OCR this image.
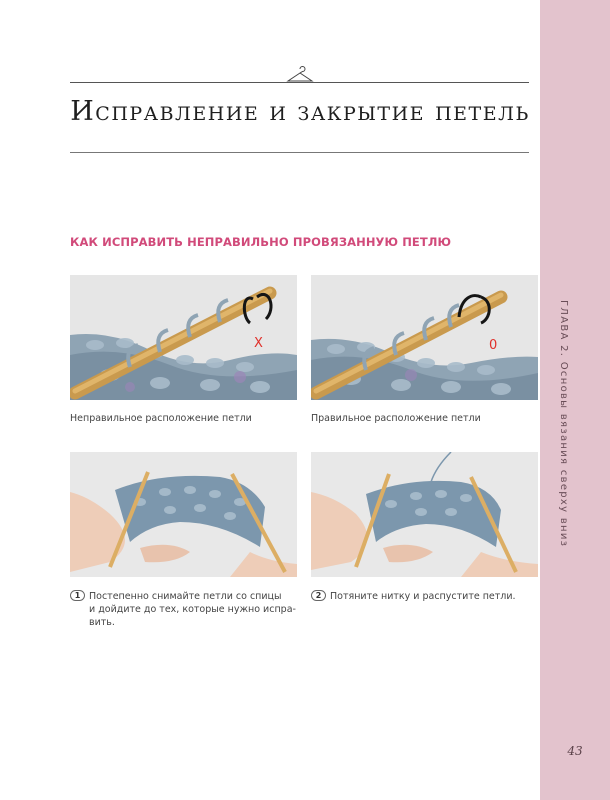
ГЛАВА 2. Основы вязания сверху вниз
43
Исправление и закрытие петель
КАК ИСПРАВИТЬ НЕПРАВИЛЬНО ПРОВЯЗАННУЮ ПЕТЛЮ
X
Неправильное расположение петли
0
Правильное расположение петли
1 Постепенно снимайте петли со спицы
и дойдите до тех, которые нужно испра-
вить.
2 Потяните нитку и распустите петли.
